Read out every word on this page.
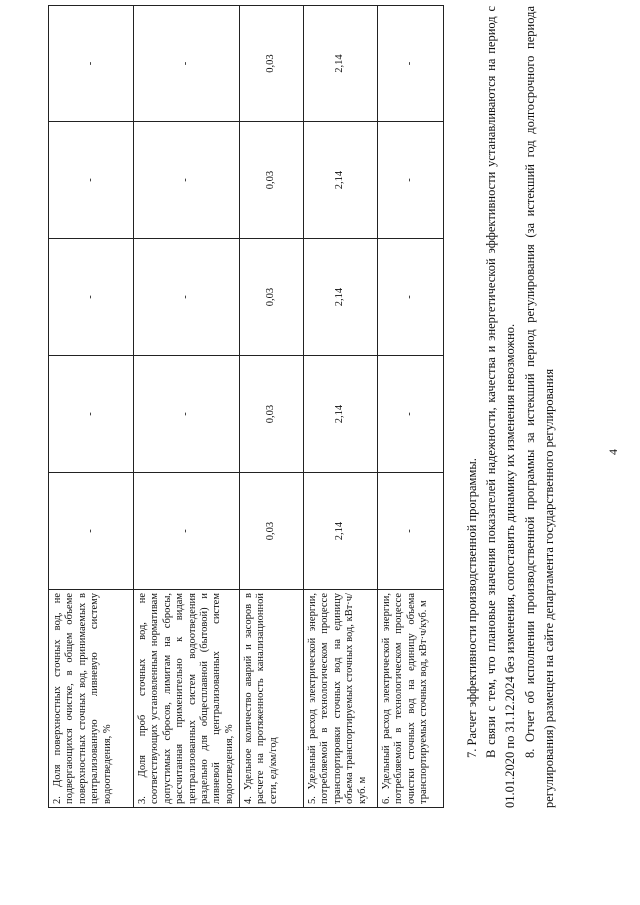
4
2. Доля поверхностных сточных вод, не подвергающихся очистке, в общем объеме поверхностных сточных вод, принимаемых в централизованную ливневую систему водоотведения, %	-	-	-	-	-
3. Доля проб сточных вод, не соответствующих установленным нормативам допустимых сбросов, лимитам на сбросы, рассчитанная применительно к видам централизованных систем водоотведения раздельно для общесплавной (бытовой) и ливневой централизованных систем водоотведения, %	-	-	-	-	-
4. Удельное количество аварий и засоров в расчете на протяженность канализационной сети, ед/км/год	0,03	0,03	0,03	0,03	0,03
5. Удельный расход электрической энергии, потребляемой в технологическом процессе транспортировки сточных вод на единицу объема транспортируемых сточных вод, кВт·ч/куб. м	2,14	2,14	2,14	2,14	2,14
6. Удельный расход электрической энергии, потребляемой в технологическом процессе очистки сточных вод на единицу объема транспортируемых сточных вод, кВт·ч/куб. м	-	-	-	-	-

7. Расчет эффективности производственной программы. В связи с тем, что плановые значения показателей надежности, качества и энергетической эффективности устанавливаются на период с 01.01.2020 по 31.12.2024 без изменения, сопоставить динамику их изменения невозможно. 8. Отчет об исполнении производственной программы за истекший период регулирования (за истекший год долгосрочного периода регулирования) размещен на сайте департамента государственного регулирования
